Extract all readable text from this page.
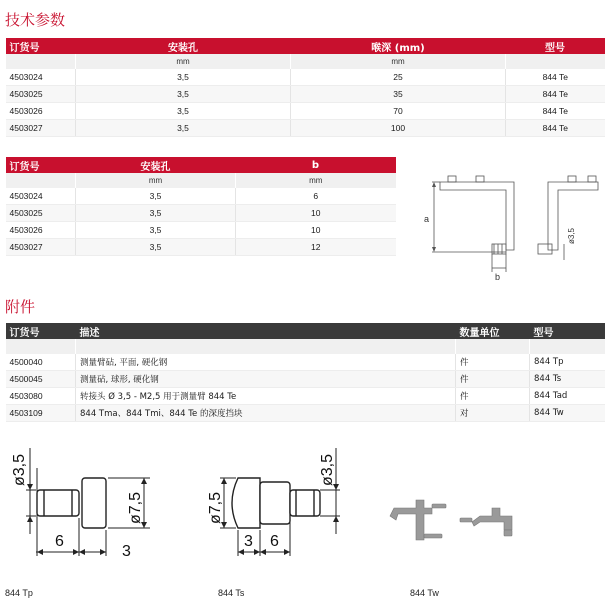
技术参数
订货号	安装孔	喉深 (mm)	型号
	mm	mm	
4503024	3,5	25	844 Te
4503025	3,5	35	844 Te
4503026	3,5	70	844 Te
4503027	3,5	100	844 Te
订货号	安装孔	b
	mm	mm
4503024	3,5	6
4503025	3,5	10
4503026	3,5	10
4503027	3,5	12
a
b
ø3,5
附件
订货号	描述	数量单位	型号

4500040	测量臂砧, 平面, 硬化钢	件	844 Tp
4500045	测量砧, 球形, 硬化钢	件	844 Ts
4503080	转接头 Ø 3,5 - M2,5 用于测量臂 844 Te	件	844 Tad
4503109	844 Tma、844 Tmi、844 Te 的深度挡块	对	844 Tw
ø3,5
ø7,5
6
3
844 Tp
ø7,5
ø3,5
3 6
844 Ts	844 Tw
